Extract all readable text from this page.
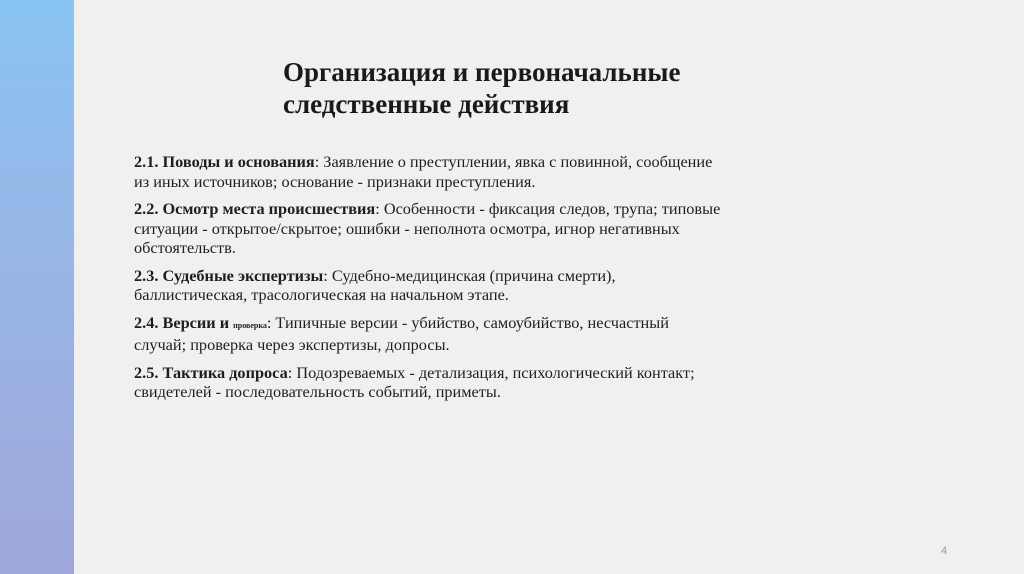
Организация и первоначальные
следственные действия
2.1. Поводы и основания: Заявление о преступлении, явка с повинной, сообщение из иных источников; основание - признаки преступления.
2.2. Осмотр места происшествия: Особенности - фиксация следов, трупа; типовые ситуации - открытое/скрытое; ошибки - неполнота осмотра, игнор негативных обстоятельств.
2.3. Судебные экспертизы: Судебно-медицинская (причина смерти), баллистическая, трасологическая на начальном этапе.
2.4. Версии и проверка: Типичные версии - убийство, самоубийство, несчастный случай; проверка через экспертизы, допросы.
2.5. Тактика допроса: Подозреваемых - детализация, психологический контакт; свидетелей - последовательность событий, приметы.
4
